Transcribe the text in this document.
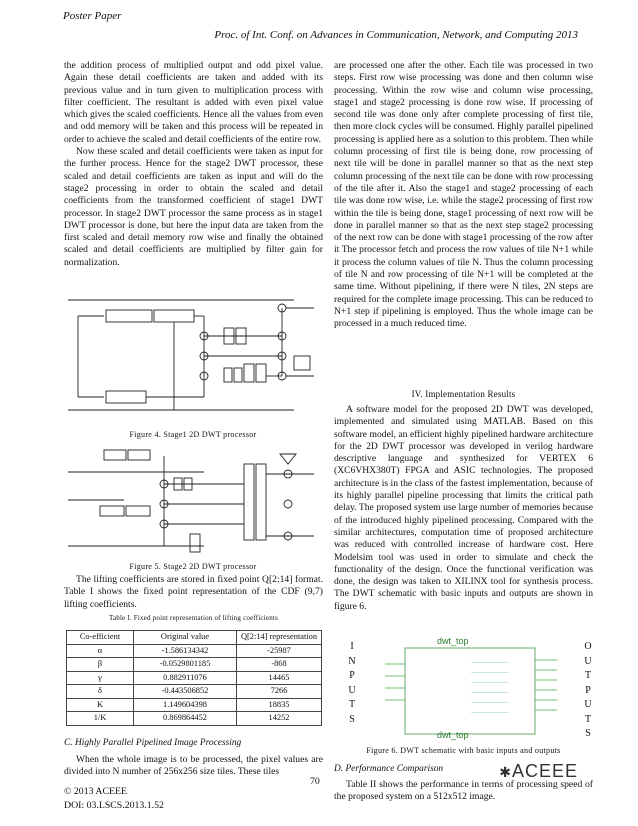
Poster Paper
Proc. of Int. Conf. on Advances in Communication, Network, and Computing 2013

the addition process of multiplied output and odd pixel value. Again these detail coefficients are taken and added with its previous value and in turn given to multiplication process with filter coefficient. The resultant is added with even pixel value which gives the scaled coefficients. Hence all the values from even and odd memory will be taken and this process will be repeated in order to achieve the scaled and detail coefficients of the entire row.

Now these scaled and detail coefficients were taken as input for the further process. Hence for the stage2 DWT processor, these scaled and detail coefficients are taken as input and will do the stage2 processing in order to obtain the scaled and detail coefficients from the transformed coefficient of stage1 DWT processor. In stage2 DWT processor the same process as in stage1 DWT processor is done, but here the input data are taken from the first scaled and detail memory row wise and finally the obtained scaled and detail coefficients are multiplied by filter gain for normalization.

Figure 4. Stage1 2D DWT processor
Figure 5. Stage2 2D DWT processor

The lifting coefficients are stored in fixed point Q[2:14] format. Table I shows the fixed point representation of the CDF (9,7) lifting coefficients.

Table I. Fixed point representation of lifting coefficients
Co-efficient	Original value	Q[2:14] representation
α	-1.586134342	-25987
β	-0.0529801185	-868
γ	0.882911076	14465
δ	-0.443506852	7266
K	1.149604398	18835
1/K	0.869864452	14252
C. Highly Parallel Pipelined Image Processing

When the whole image is to be processed, the pixel values are divided into N number of 256x256 size tiles. These tiles

are processed one after the other. Each tile was processed in two steps. First row wise processing was done and then column wise processing. Within the row wise and column wise processing, stage1 and stage2 processing is done row wise. If processing of second tile was done only after complete processing of first tile, then more clock cycles will be consumed. Highly parallel pipelined processing is applied here as a solution to this problem. Then while column processing of first tile is being done, row processing of next tile will be done in parallel manner so that as the next step column processing of the next tile can be done with row processing of the tile after it. Also the stage1 and stage2 processing of each tile was done row wise, i.e. while the stage2 processing of first row within the tile is being done, stage1 processing of next row will be done in parallel manner so that as the next step stage2 processing of the next row can be done with stage1 processing of the row after it The processor fetch and process the row values of tile N+1 while it process the column values of tile N. Thus the column processing of tile N and row processing of tile N+1 will be completed at the same time. Without pipelining, if there were N tiles, 2N steps are required for the complete image processing. This can be reduced to N+1 step if pipelining is employed. Thus the whole image can be processed in a much reduced time.

IV. Implementation Results

A software model for the proposed 2D DWT was developed, implemented and simulated using MATLAB. Based on this software model, an efficient highly pipelined hardware architecture for the 2D DWT processor was developed in verilog hardware descriptive language and synthesized for VERTEX 6 (XC6VHX380T) FPGA and ASIC technologies. The proposed architecture is in the class of the fastest implementation, because of its highly parallel pipeline processing that limits the critical path delay. The proposed system use large number of memories because of the introduced highly pipelined processing. Compared with the similar architectures, computation time of proposed architecture was reduced with controlled increase of hardware cost. Here Modelsim tool was used in order to simulate and check the functionality of the design. Once the functional verification was done, the design was taken to XILINX tool for synthesis process. The DWT schematic with basic inputs and outputs are shown in figure 6.

I
N
P
U
T
S
O
U
T
P
U
T
S
_________________
_________________
_________________
_________________
_________________
_________________
dwt_top
dwt_top
Figure 6. DWT schematic with basic inputs and outputs
D. Performance Comparison

Table II shows the performance in terms of processing speed of the proposed system on a 512x512 image.

© 2013 ACEEE
DOI: 03.LSCS.2013.1.52
70
✱ACEEE
